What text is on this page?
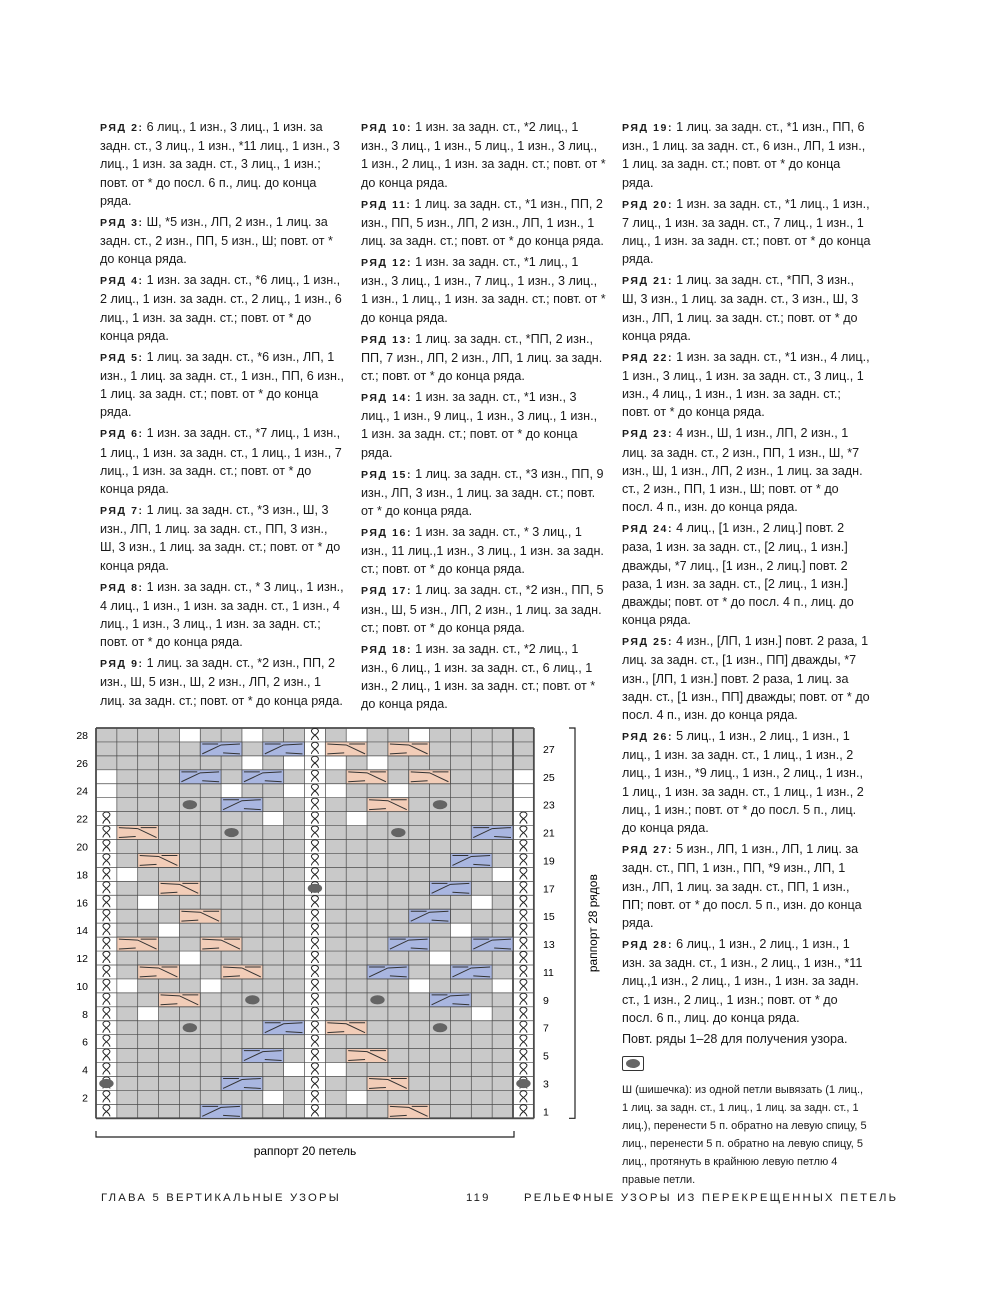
РЯД 2: 6 лиц., 1 изн., 3 лиц., 1 изн. за задн. ст., 3 лиц., 1 изн., *11 лиц., 1 изн., 3 лиц., 1 изн. за задн. ст., 3 лиц., 1 изн.; повт. от * до посл. 6 п., лиц. до конца ряда.
РЯД 3: Ш, *5 изн., ЛП, 2 изн., 1 лиц. за задн. ст., 2 изн., ПП, 5 изн., Ш; повт. от * до конца ряда.
РЯД 4: 1 изн. за задн. ст., *6 лиц., 1 изн., 2 лиц., 1 изн. за задн. ст., 2 лиц., 1 изн., 6 лиц., 1 изн. за задн. ст.; повт. от * до конца ряда.
РЯД 5: 1 лиц. за задн. ст., *6 изн., ЛП, 1 изн., 1 лиц. за задн. ст., 1 изн., ПП, 6 изн., 1 лиц. за задн. ст.; повт. от * до конца ряда.
РЯД 6: 1 изн. за задн. ст., *7 лиц., 1 изн., 1 лиц., 1 изн. за задн. ст., 1 лиц., 1 изн., 7 лиц., 1 изн. за задн. ст.; повт. от * до конца ряда.
РЯД 7: 1 лиц. за задн. ст., *3 изн., Ш, 3 изн., ЛП, 1 лиц. за задн. ст., ПП, 3 изн., Ш, 3 изн., 1 лиц. за задн. ст.; повт. от * до конца ряда.
РЯД 8: 1 изн. за задн. ст., * 3 лиц., 1 изн., 4 лиц., 1 изн., 1 изн. за задн. ст., 1 изн., 4 лиц., 1 изн., 3 лиц., 1 изн. за задн. ст.; повт. от * до конца ряда.
РЯД 9: 1 лиц. за задн. ст., *2 изн., ПП, 2 изн., Ш, 5 изн., Ш, 2 изн., ЛП, 2 изн., 1 лиц. за задн. ст.; повт. от * до конца ряда.
РЯД 10: 1 изн. за задн. ст., *2 лиц., 1 изн., 3 лиц., 1 изн., 5 лиц., 1 изн., 3 лиц., 1 изн., 2 лиц., 1 изн. за задн. ст.; повт. от * до конца ряда.
РЯД 11: 1 лиц. за задн. ст., *1 изн., ПП, 2 изн., ПП, 5 изн., ЛП, 2 изн., ЛП, 1 изн., 1 лиц. за задн. ст.; повт. от * до конца ряда.
РЯД 12: 1 изн. за задн. ст., *1 лиц., 1 изн., 3 лиц., 1 изн., 7 лиц., 1 изн., 3 лиц., 1 изн., 1 лиц., 1 изн. за задн. ст.; повт. от * до конца ряда.
РЯД 13: 1 лиц. за задн. ст., *ПП, 2 изн., ПП, 7 изн., ЛП, 2 изн., ЛП, 1 лиц. за задн. ст.; повт. от * до конца ряда.
РЯД 14: 1 изн. за задн. ст., *1 изн., 3 лиц., 1 изн., 9 лиц., 1 изн., 3 лиц., 1 изн., 1 изн. за задн. ст.; повт. от * до конца ряда.
РЯД 15: 1 лиц. за задн. ст., *3 изн., ПП, 9 изн., ЛП, 3 изн., 1 лиц. за задн. ст.; повт. от * до конца ряда.
РЯД 16: 1 изн. за задн. ст., * 3 лиц., 1 изн., 11 лиц.,1 изн., 3 лиц., 1 изн. за задн. ст.; повт. от * до конца ряда.
РЯД 17: 1 лиц. за задн. ст., *2 изн., ПП, 5 изн., Ш, 5 изн., ЛП, 2 изн., 1 лиц. за задн. ст.; повт. от * до конца ряда.
РЯД 18: 1 изн. за задн. ст., *2 лиц., 1 изн., 6 лиц., 1 изн. за задн. ст., 6 лиц., 1 изн., 2 лиц., 1 изн. за задн. ст.; повт. от * до конца ряда.
РЯД 19: 1 лиц. за задн. ст., *1 изн., ПП, 6 изн., 1 лиц. за задн. ст., 6 изн., ЛП, 1 изн., 1 лиц. за задн. ст.; повт. от * до конца ряда.
РЯД 20: 1 изн. за задн. ст., *1 лиц., 1 изн., 7 лиц., 1 изн. за задн. ст., 7 лиц., 1 изн., 1 лиц., 1 изн. за задн. ст.; повт. от * до конца ряда.
РЯД 21: 1 лиц. за задн. ст., *ПП, 3 изн., Ш, 3 изн., 1 лиц. за задн. ст., 3 изн., Ш, 3 изн., ЛП, 1 лиц. за задн. ст.; повт. от * до конца ряда.
РЯД 22: 1 изн. за задн. ст., *1 изн., 4 лиц., 1 изн., 3 лиц., 1 изн. за задн. ст., 3 лиц., 1 изн., 4 лиц., 1 изн., 1 изн. за задн. ст.; повт. от * до конца ряда.
РЯД 23: 4 изн., Ш, 1 изн., ЛП, 2 изн., 1 лиц. за задн. ст., 2 изн., ПП, 1 изн., Ш, *7 изн., Ш, 1 изн., ЛП, 2 изн., 1 лиц. за задн. ст., 2 изн., ПП, 1 изн., Ш; повт. от * до посл. 4 п., изн. до конца ряда.
РЯД 24: 4 лиц., [1 изн., 2 лиц.] повт. 2 раза, 1 изн. за задн. ст., [2 лиц., 1 изн.] дважды, *7 лиц., [1 изн., 2 лиц.] повт. 2 раза, 1 изн. за задн. ст., [2 лиц., 1 изн.] дважды; повт. от * до посл. 4 п., лиц. до конца ряда.
РЯД 25: 4 изн., [ЛП, 1 изн.] повт. 2 раза, 1 лиц. за задн. ст., [1 изн., ПП] дважды, *7 изн., [ЛП, 1 изн.] повт. 2 раза, 1 лиц. за задн. ст., [1 изн., ПП] дважды; повт. от * до посл. 4 п., изн. до конца ряда.
РЯД 26: 5 лиц., 1 изн., 2 лиц., 1 изн., 1 лиц., 1 изн. за задн. ст., 1 лиц., 1 изн., 2 лиц., 1 изн., *9 лиц., 1 изн., 2 лиц., 1 изн., 1 лиц., 1 изн. за задн. ст., 1 лиц., 1 изн., 2 лиц., 1 изн.; повт. от * до посл. 5 п., лиц. до конца ряда.
РЯД 27: 5 изн., ЛП, 1 изн., ЛП, 1 лиц. за задн. ст., ПП, 1 изн., ПП, *9 изн., ЛП, 1 изн., ЛП, 1 лиц. за задн. ст., ПП, 1 изн., ПП; повт. от * до посл. 5 п., изн. до конца ряда.
РЯД 28: 6 лиц., 1 изн., 2 лиц., 1 изн., 1 изн. за задн. ст., 1 изн., 2 лиц., 1 изн., *11 лиц.,1 изн., 2 лиц., 1 изн., 1 изн. за задн. ст., 1 изн., 2 лиц., 1 изн.; повт. от * до посл. 6 п., лиц. до конца ряда.
Повт. ряды 1–28 для получения узора.
Ш (шишечка): из одной петли вывязать (1 лиц., 1 лиц. за задн. ст., 1 лиц., 1 лиц. за задн. ст., 1 лиц.), перенести 5 п. обратно на левую спицу, 5 лиц., перенести 5 п. обратно на левую спицу, 5 лиц., протянуть в крайнюю левую петлю 4 правые петли.
2
4
6
8
10
12
14
16
18
20
22
24
26
28
1
3
5
7
9
11
13
15
17
19
21
23
25
27
раппорт 20 петель
раппорт 28 рядов
ГЛАВА 5 ВЕРТИКАЛЬНЫЕ УЗОРЫ	119	РЕЛЬЕФНЫЕ УЗОРЫ ИЗ ПЕРЕКРЕЩЕННЫХ ПЕТЕЛЬ
